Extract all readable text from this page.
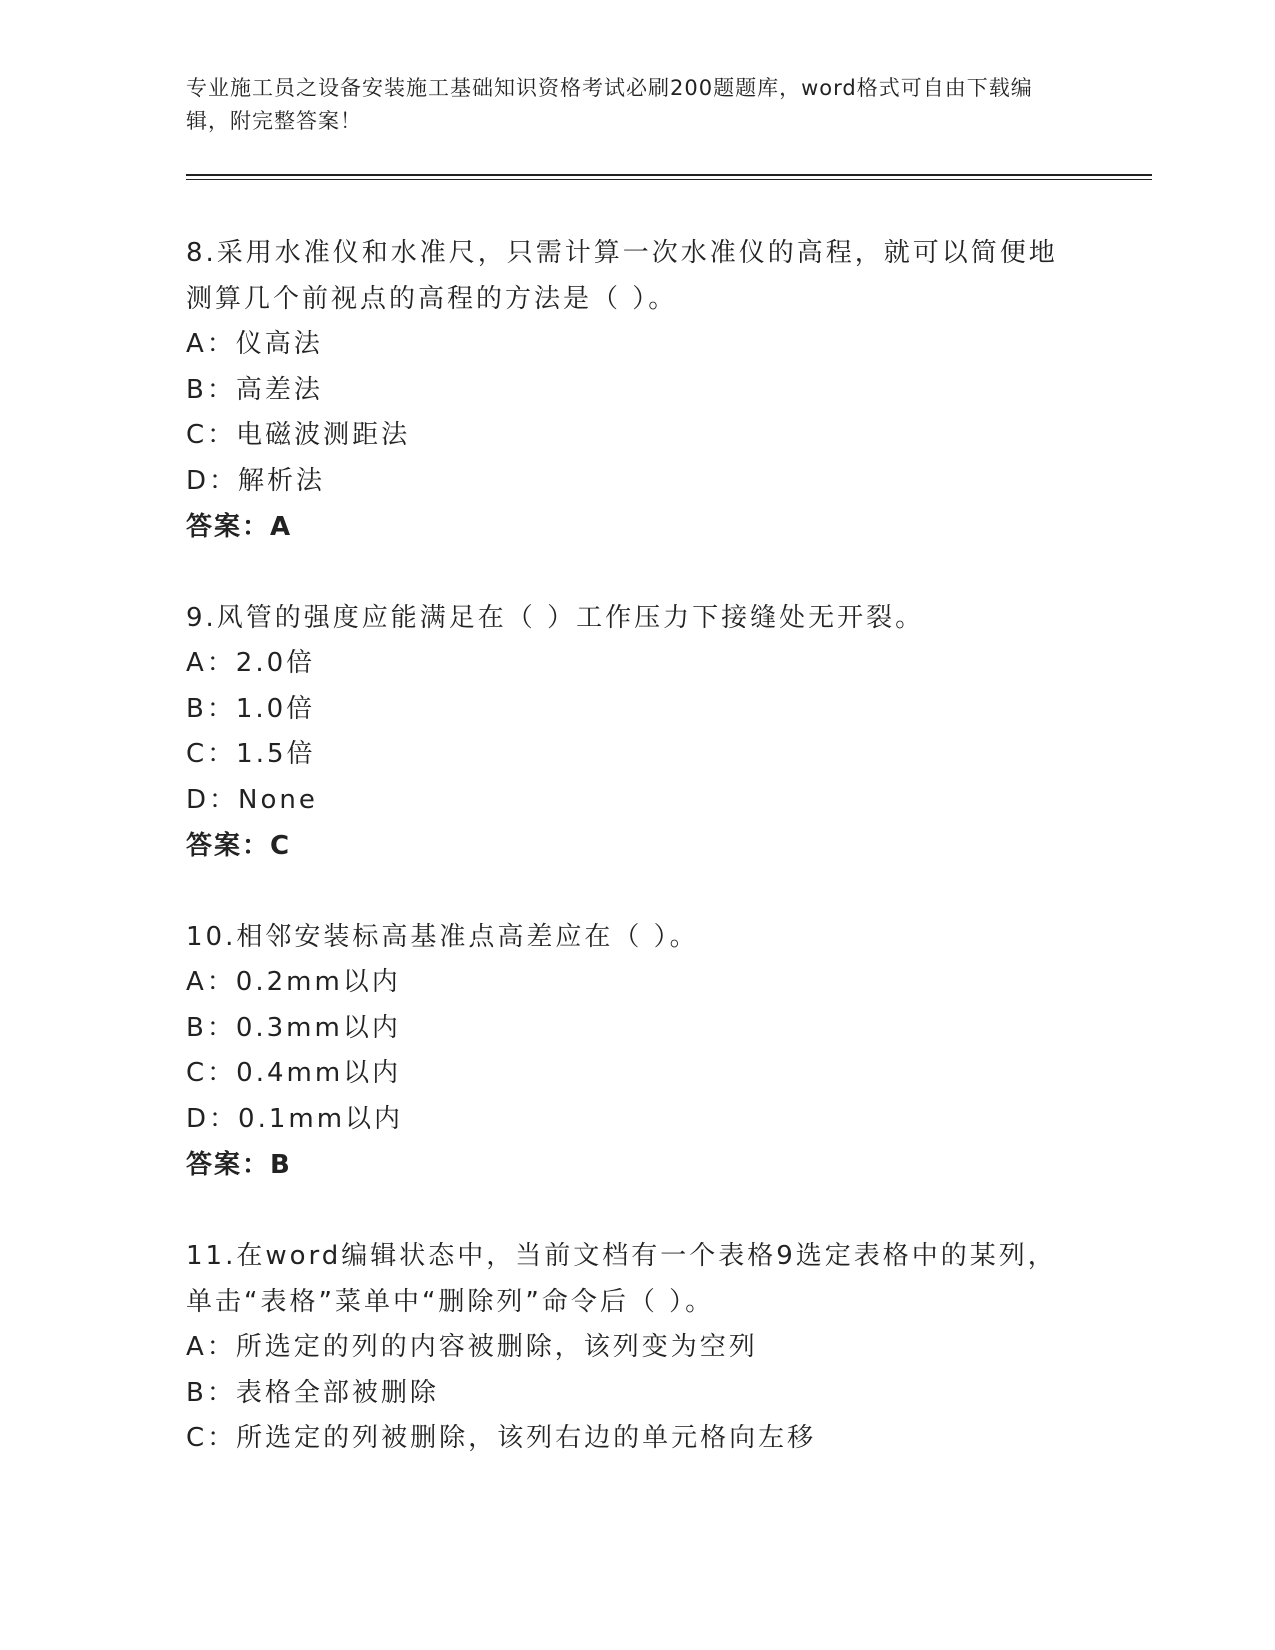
专业施工员之设备安装施工基础知识资格考试必刷200题题库，word格式可自由下载编辑，附完整答案！
8.采用水准仪和水准尺，只需计算一次水准仪的高程，就可以简便地测算几个前视点的高程的方法是（ ）。
A：仪高法
B：高差法
C：电磁波测距法
D：解析法
答案：A
9.风管的强度应能满足在（ ）工作压力下接缝处无开裂。
A：2.0倍
B：1.0倍
C：1.5倍
D：None
答案：C
10.相邻安装标高基准点高差应在（ ）。
A：0.2mm以内
B：0.3mm以内
C：0.4mm以内
D：0.1mm以内
答案：B
11.在word编辑状态中，当前文档有一个表格9选定表格中的某列，单击“表格”菜单中“删除列”命令后（ ）。
A：所选定的列的内容被删除，该列变为空列
B：表格全部被删除
C：所选定的列被删除，该列右边的单元格向左移
